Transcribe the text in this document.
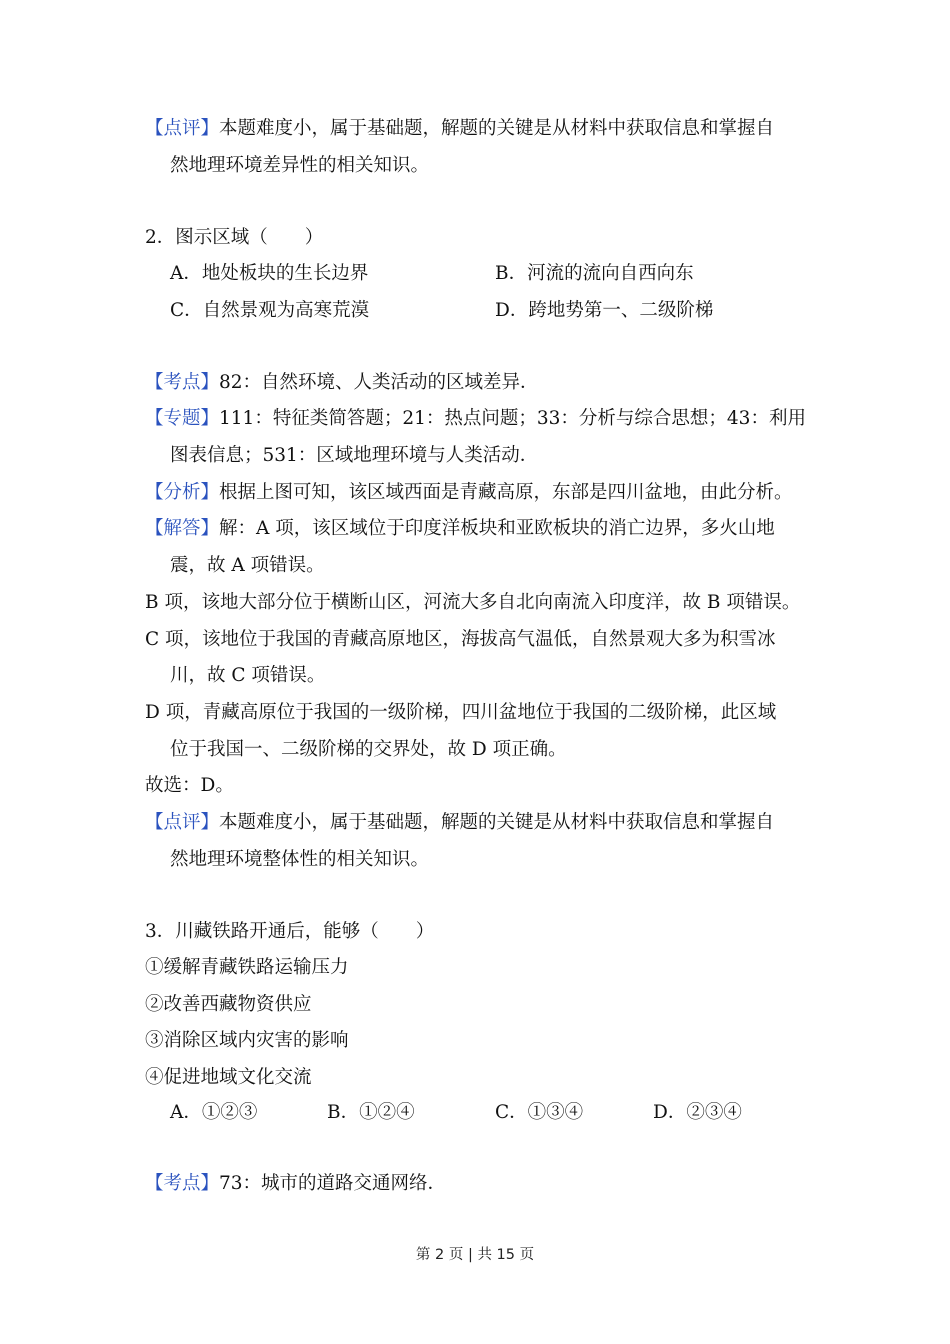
【点评】本题难度小，属于基础题，解题的关键是从材料中获取信息和掌握自
然地理环境差异性的相关知识。
2．图示区域（　　）
A．地处板块的生长边界	B．河流的流向自西向东
C．自然景观为高寒荒漠	D．跨地势第一、二级阶梯
【考点】82：自然环境、人类活动的区域差异．
【专题】111：特征类简答题；21：热点问题；33：分析与综合思想；43：利用
图表信息；531：区域地理环境与人类活动．
【分析】根据上图可知，该区域西面是青藏高原，东部是四川盆地，由此分析。
【解答】解：A 项，该区域位于印度洋板块和亚欧板块的消亡边界，多火山地
震，故 A 项错误。
B 项，该地大部分位于横断山区，河流大多自北向南流入印度洋，故 B 项错误。
C 项，该地位于我国的青藏高原地区，海拔高气温低，自然景观大多为积雪冰
川，故 C 项错误。
D 项，青藏高原位于我国的一级阶梯，四川盆地位于我国的二级阶梯，此区域
位于我国一、二级阶梯的交界处，故 D 项正确。
故选：D。
【点评】本题难度小，属于基础题，解题的关键是从材料中获取信息和掌握自
然地理环境整体性的相关知识。
3．川藏铁路开通后，能够（　　）
①缓解青藏铁路运输压力
②改善西藏物资供应
③消除区域内灾害的影响
④促进地域文化交流
A．①②③	B．①②④	C．①③④	D．②③④
【考点】73：城市的道路交通网络．
第 2 页 | 共 15 页
